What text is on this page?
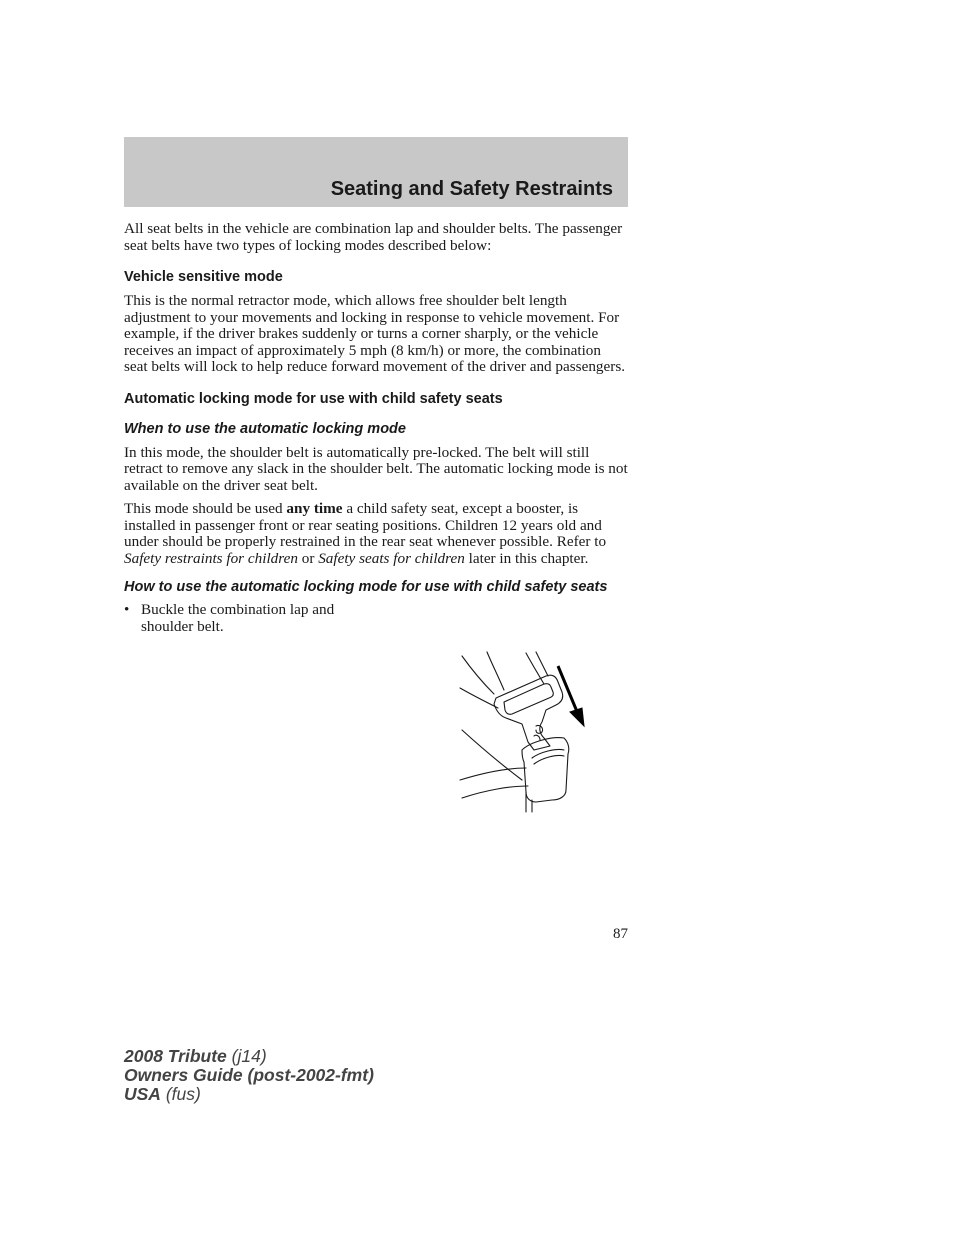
Seating and Safety Restraints

All seat belts in the vehicle are combination lap and shoulder belts. The passenger seat belts have two types of locking modes described below:

Vehicle sensitive mode

This is the normal retractor mode, which allows free shoulder belt length adjustment to your movements and locking in response to vehicle movement. For example, if the driver brakes suddenly or turns a corner sharply, or the vehicle receives an impact of approximately 5 mph (8 km/h) or more, the combination seat belts will lock to help reduce forward movement of the driver and passengers.

Automatic locking mode for use with child safety seats
When to use the automatic locking mode

In this mode, the shoulder belt is automatically pre-locked. The belt will still retract to remove any slack in the shoulder belt. The automatic locking mode is not available on the driver seat belt.

This mode should be used any time a child safety seat, except a booster, is installed in passenger front or rear seating positions. Children 12 years old and under should be properly restrained in the rear seat whenever possible. Refer to Safety restraints for children or Safety seats for children later in this chapter.

How to use the automatic locking mode for use with child safety seats
• Buckle the combination lap and shoulder belt.
87
2008 Tribute (j14)
Owners Guide (post-2002-fmt)
USA (fus)
